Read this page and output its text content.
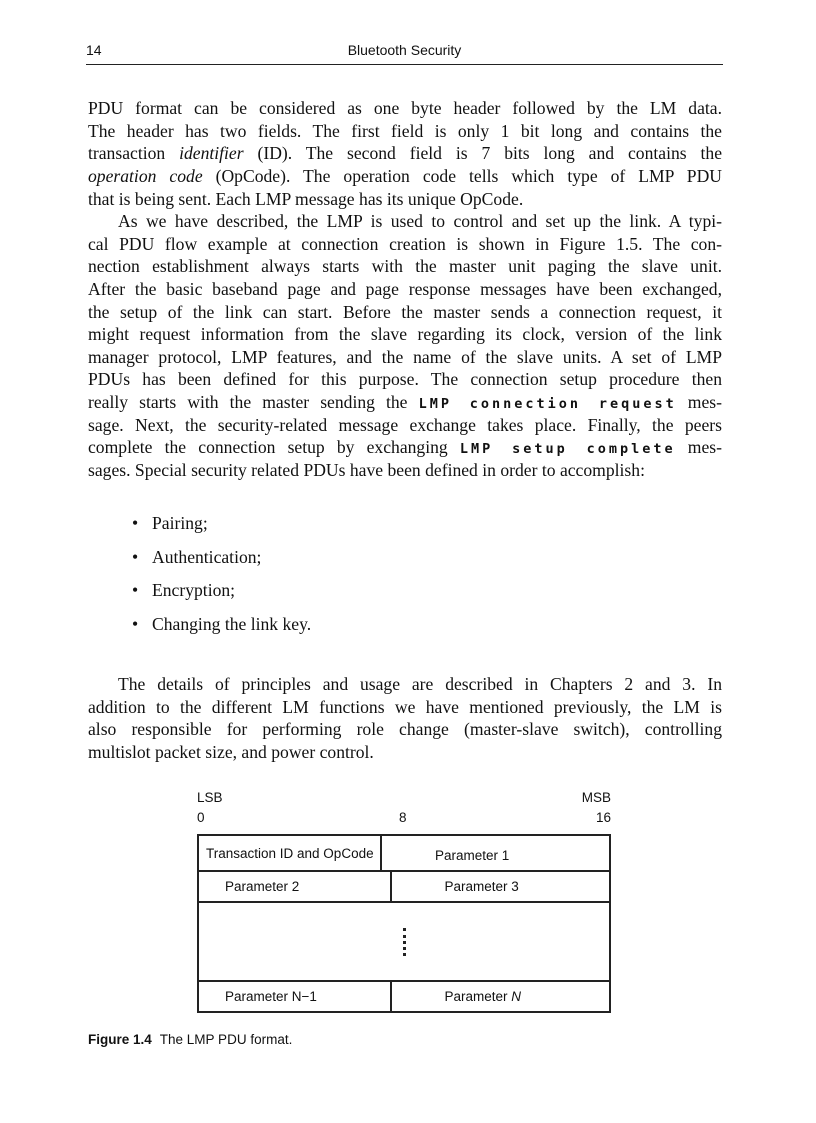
14	Bluetooth Security
PDU format can be considered as one byte header followed by the LM data.
The header has two fields. The first field is only 1 bit long and contains the
transaction identifier (ID). The second field is 7 bits long and contains the
operation code (OpCode). The operation code tells which type of LMP PDU
that is being sent. Each LMP message has its unique OpCode.
As we have described, the LMP is used to control and set up the link. A typi-
cal PDU flow example at connection creation is shown in Figure 1.5. The con-
nection establishment always starts with the master unit paging the slave unit.
After the basic baseband page and page response messages have been exchanged,
the setup of the link can start. Before the master sends a connection request, it
might request information from the slave regarding its clock, version of the link
manager protocol, LMP features, and the name of the slave units. A set of LMP
PDUs has been defined for this purpose. The connection setup procedure then
really starts with the master sending the LMP connection request mes-
sage. Next, the security-related message exchange takes place. Finally, the peers
complete the connection setup by exchanging LMP setup complete mes-
sages. Special security related PDUs have been defined in order to accomplish:
• Pairing;
• Authentication;
• Encryption;
• Changing the link key.
The details of principles and usage are described in Chapters 2 and 3. In
addition to the different LM functions we have mentioned previously, the LM is
also responsible for performing role change (master-slave switch), controlling
multislot packet size, and power control.
LSB	MSB
0	8	16
Transaction ID and OpCode	Parameter 1
Parameter 2	Parameter 3
Parameter N−1	Parameter N
Figure 1.4 The LMP PDU format.
